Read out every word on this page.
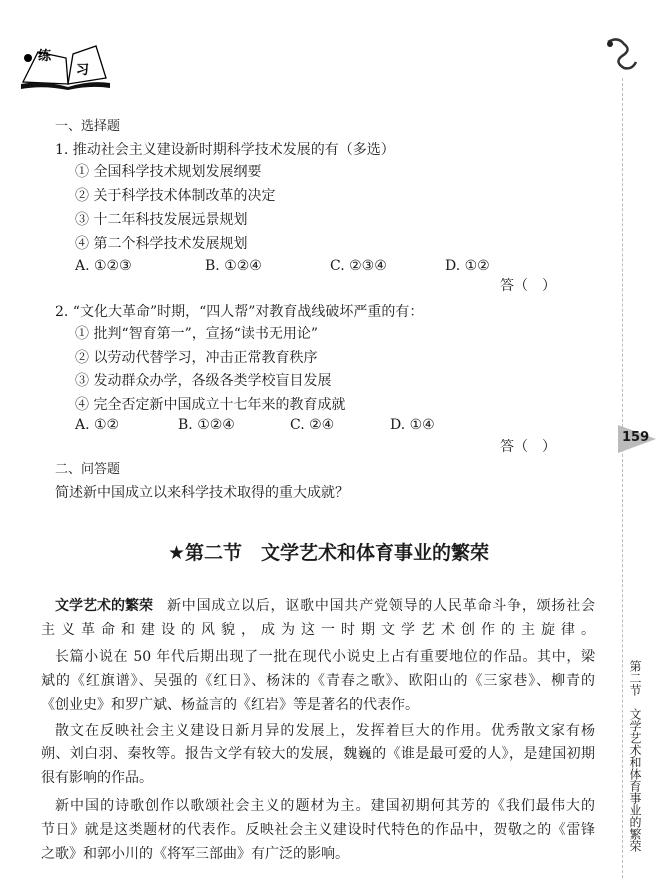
练
习
159
第二节　文学艺术和体育事业的繁荣
一、选择题
1. 推动社会主义建设新时期科学技术发展的有（多选）
① 全国科学技术规划发展纲要
② 关于科学技术体制改革的决定
③ 十二年科技发展远景规划
④ 第二个科学技术发展规划
A. ①②③	B. ①②④	C. ②③④	D. ①②
答（　）
2. “文化大革命”时期，“四人帮”对教育战线破坏严重的有：
① 批判“智育第一”，宣扬“读书无用论”
② 以劳动代替学习，冲击正常教育秩序
③ 发动群众办学，各级各类学校盲目发展
④ 完全否定新中国成立十七年来的教育成就
A. ①②	B. ①②④	C. ②④	D. ①④
答（　）
二、问答题
简述新中国成立以来科学技术取得的重大成就？
★第二节　文学艺术和体育事业的繁荣
文学艺术的繁荣 新中国成立以后，讴歌中国共产党领导的人民革命斗争，颂扬社会
主义革命和建设的风貌，成为这一时期文学艺术创作的主旋律。
长篇小说在 50 年代后期出现了一批在现代小说史上占有重要地位的作品。其中，梁
斌的《红旗谱》、吴强的《红日》、杨沫的《青春之歌》、欧阳山的《三家巷》、柳青的
《创业史》和罗广斌、杨益言的《红岩》等是著名的代表作。
散文在反映社会主义建设日新月异的发展上，发挥着巨大的作用。优秀散文家有杨
朔、刘白羽、秦牧等。报告文学有较大的发展，魏巍的《谁是最可爱的人》，是建国初期
很有影响的作品。
新中国的诗歌创作以歌颂社会主义的题材为主。建国初期何其芳的《我们最伟大的
节日》就是这类题材的代表作。反映社会主义建设时代特色的作品中，贺敬之的《雷锋
之歌》和郭小川的《将军三部曲》有广泛的影响。
